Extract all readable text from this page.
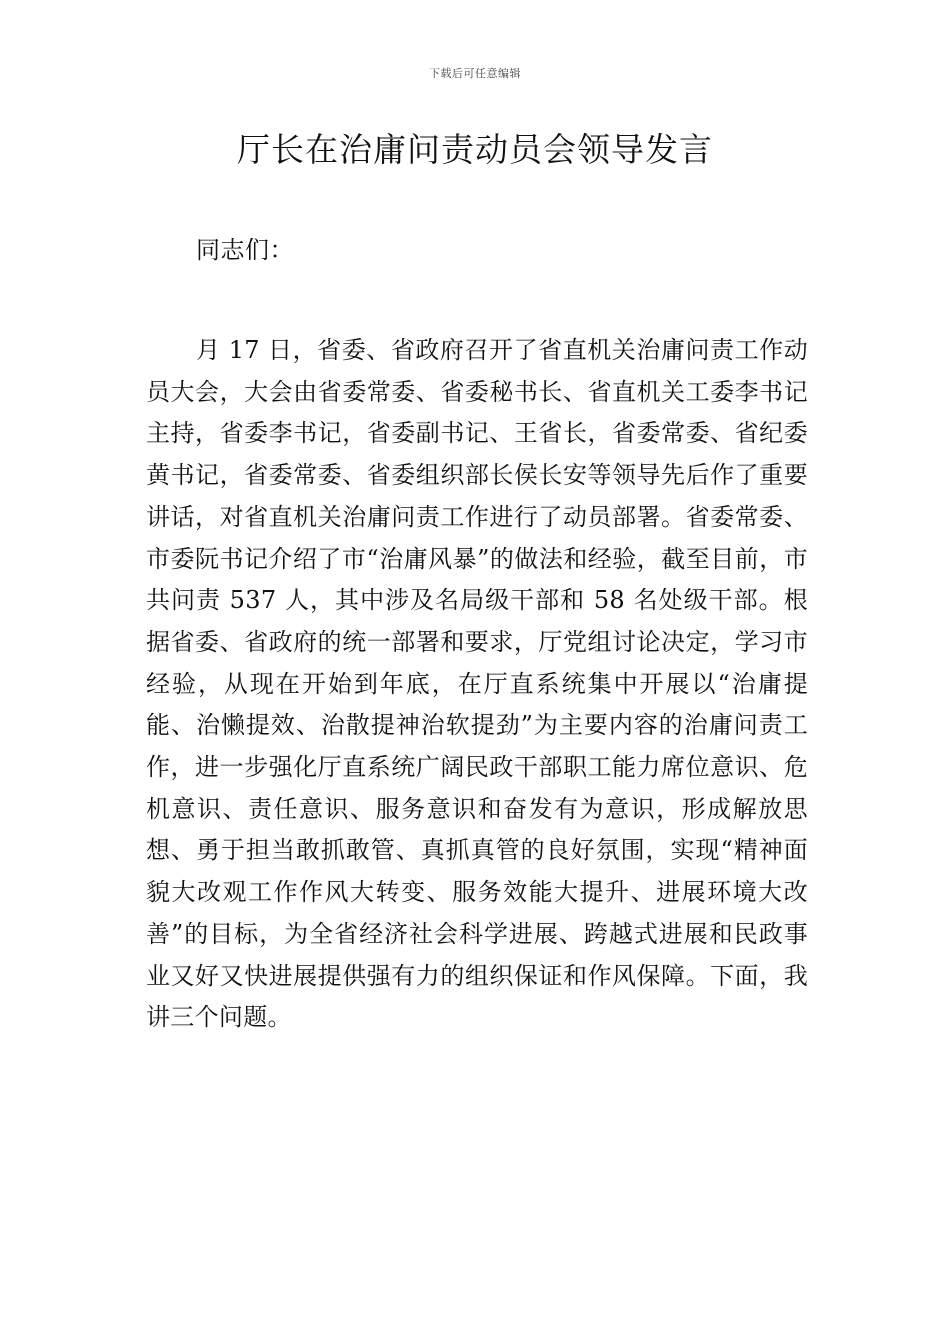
下载后可任意编辑
厅长在治庸问责动员会领导发言

同志们：

月 17 日，省委、省政府召开了省直机关治庸问责工作动员大会，大会由省委常委、省委秘书长、省直机关工委李书记主持，省委李书记，省委副书记、王省长，省委常委、省纪委黄书记，省委常委、省委组织部长侯长安等领导先后作了重要讲话，对省直机关治庸问责工作进行了动员部署。省委常委、市委阮书记介绍了市“治庸风暴”的做法和经验，截至目前，市共问责 537 人，其中涉及名局级干部和 58 名处级干部。根据省委、省政府的统一部署和要求，厅党组讨论决定，学习市经验，从现在开始到年底，在厅直系统集中开展以“治庸提能、治懒提效、治散提神治软提劲”为主要内容的治庸问责工作，进一步强化厅直系统广阔民政干部职工能力席位意识、危机意识、责任意识、服务意识和奋发有为意识，形成解放思想、勇于担当敢抓敢管、真抓真管的良好氛围，实现“精神面貌大改观工作作风大转变、服务效能大提升、进展环境大改善”的目标，为全省经济社会科学进展、跨越式进展和民政事业又好又快进展提供强有力的组织保证和作风保障。下面，我讲三个问题。
